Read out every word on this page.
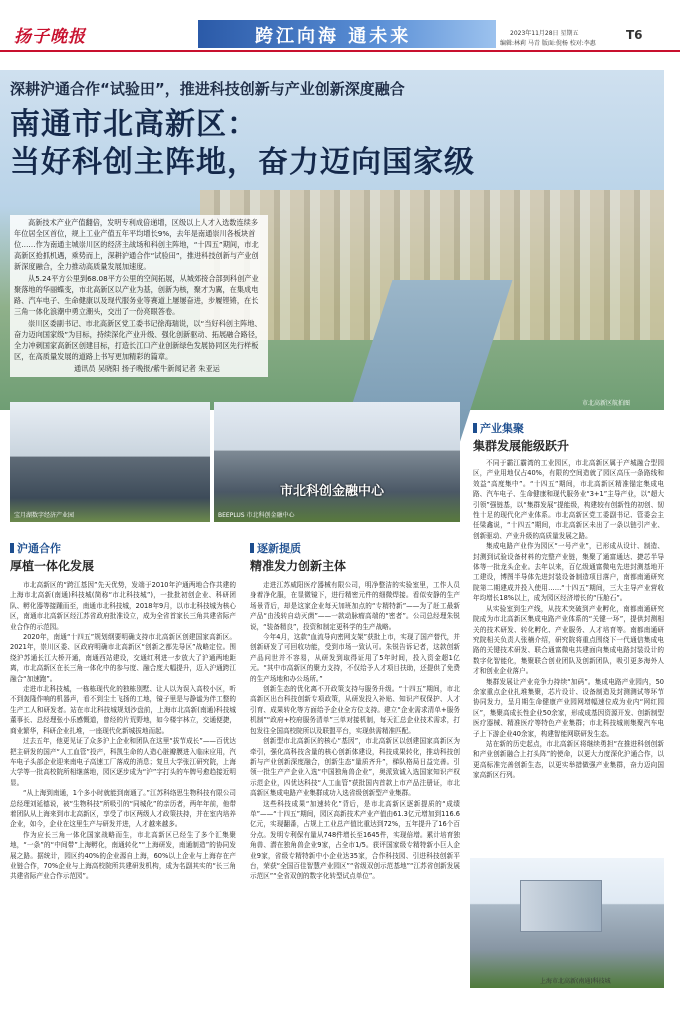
扬子晚报	跨江向海 通未来	2023年11月28日 星期五
编辑:林莉 马青 版面:倪杨 校对:李惠
T6
深耕沪通合作“试验田”，推进科技创新与产业创新深度融合
南通市北高新区：
当好科创主阵地，奋力迈向国家级
市北高新区航拍图

高新技术产业产值翻倍，发明专利成倍递增，区级以上人才入选数连续多年位居全区首位，规上工业产值五年平均增长9%，去年是南通崇川各板块首位……作为南通主城崇川区的经济主战场和科创主阵地，“十四五”期间，市北高新区抢抓机遇，乘势而上，深耕沪通合作“试验田”，推进科技创新与产业创新深度融合，全力推动高质量发展加速度。

从5.24平方公里到68.08平方公里的空间拓展，从城郊接合部到科创产业聚落地的华丽蝶变，市北高新区以产业为基，创新为核，聚才为翼，在集成电路、汽车电子、生命健康以及现代服务业等赛道上屡屡奋进，步履铿锵，在长三角一体化浪潮中勇立潮头，交出了一份亮眼答卷。

崇川区委副书记、市北高新区党工委书记徐海瑞说，以“当好科创主阵地、奋力迈向国家级”为目标，持续深化产业升级、强化创新驱动、拓展融合路径，全力冲刺国家高新区创建目标，打造长江口产业创新绿色发展协同区先行样板区，在高质量发展的道路上书写更加精彩的篇章。

通讯员 吴晓阳 扬子晚报/紫牛新闻记者 朱亚运

宝月湖数字经济产业园
市北科创金融中心
BEEPLUS 市北科创金融中心
产业集聚
集群发展能级跃升

不同于霸江霸湾的工业园区，市北高新区属于产城融合型园区，产业用地仅占40%，有限的空间造就了园区高压一条路线和效益“高度集中”。“十四五”期间，市北高新区精准锚定集成电路、汽车电子、生命健康和现代服务业“3+1”主导产业，以“超大引领”强链基，以“集群发展”提能级，构建较有创新性的初创、韧性十足的现代化产业体系。市北高新区党工委副书记、管委会主任梁鑫说，“十四五”期间，市北高新区未出了一条以链引产业、创新驱动、产业升级的高质量发展之路。

集成电路产业作为园区“一号产业”，已形成从设计、制造、封测到试验设备材料的完整产业链，集聚了通富通达、捷芯半导体等一批龙头企业。去年以来，百亿级通富微电先进封测基地开工建设，博图半导体先进封装设备制造项目落户，南都南通研究院第二期建成并投入使用……“十四五”期间，三大主导产业营收年均增长18%以上，成为园区经济增长的“压舱石”。

从实验室到生产线，从技术突破到产业孵化，南都南通研究院成为市北高新区集成电路产业体系的“关键一环”，提供封测相关的技术研发、转化孵化、产业服务、人才培育等。南都南通研究院相关负责人张楠介绍，研究院将重点围绕下一代通信集成电路的关键技术研发、联合通富微电共建面向集成电路封装设计的数字化智能化，集聚联合创业团队及创新团队，吸引更多海外人才和创业企业落户。

集群发展让产业竞争力持续“加码”。集成电路产业园内，50余家重点企业扎堆集聚，芯片设计、设备制造及封测测试等环节协同发力，呈月期生命健康产业园网增幅速位成为业内“网红园区”，集聚高成长性企业50余家，形成成基因资源开发、创新制型医疗器械、精准医疗等特色产业集群；市北科技城则集聚汽车电子上下游企业40余家，构建智能网联研发生态。

站在新的历史起点，市北高新区将继续勇担“在推进科创创新和产业创新融合上打头阵”的使命，以更大力度深化沪通合作，以更高标准完善创新生态，以更实举措做强产业集群，奋力迈向国家高新区行列。

沪通合作
厚植一体化发展

市北高新区的“跨江基因”先天优势，发端于2010年沪通两地合作共建的上海市北高新(南通)科技城(简称“市北科技城”)，一批批初创企业、科研团队、孵化器等接踵而至，南通市北科技城，2018年9月，以市北科技城为核心区，南通市北高新区经江苏省政府批准设立，成为全省首家长三角共建省际产业合作的示范园。

2020年，南通“十四五”规划纲要明确支持市北高新区创建国家高新区。2021年，崇川区委、区政府明确市北高新区“创新之都先导区”战略定位。围绕沪苏通长江大桥开通，南通西站建设，交通红利进一步放大了沪通两地距离，市北高新区在长三角一体化中的参与度、融合度大幅提升，迈入沪通跨江融合“加速跑”。

走进市北科技城，一栋栋现代化的独栋别墅、让人以为误入高校小区，听不到轰隆作响的机器声，看不到尘土飞扬的工地，镜子里是与静谧为伴工整的生产工人和研发者。站在市北科技城规划沙盘前，上海市北高新(南通)科技城董事长、总经理张小乐感慨道，曾经的片荒野地，如今楼宇林立，交通便捷，商业繁华，科研企业扎堆，一座现代化新城拔地而起。

过去五年，他更见证了众多沪上企业和团队在这里“拔节成长”——百优达把主研发的国产“人工血管”投产，科凯生命的人造心脏瓣膜进入临床应用，汽车电子头部企业迎来南电子高速工厂落成的消息；复旦大学张江研究院，上海大学等一批高校院所相继落地，园区逐步成为“沪”字打头的车牌号愈趋接近明显。

“从上海到南通，1个多小时就能到南通了。”江苏科络思生物科技有限公司总经理刘延德说，被“生物科技”所吸引的“同城化”的亲历者，两年年前，他带着团队从上海来到市北高新区，享受了市区两级人才政策扶持，并在室内培养企业，如今，企业在这里生产与研发并进，人才越来越多。

作为应长三角一体化国家战略而生，市北高新区已经生了多个汇集聚地，“一条”的“中间带”上海孵化，南通转化”“上海研发，南通制造”的协同发展之路。据统计，园区约40%的企业源自上海，60%以上企业与上海存在产业链合作，70%企业与上海高校院所共建研发机构，成为名副其实的“长三角共建省际产业合作示范园”。

逐新提质
精准发力创新主体

走进江苏威阳医疗器械有限公司，明净整洁的实验室里，工作人员身着净化服，在显微镜下，进行精密元件的细微焊接。看似安静的生产场景背后，却是这家企业每天加班加点的“专精特新”——为了赶工最新产品“由浅转自动灭菌”——一款动脉瘤高端的“密者”。公司总经理朱锐说，“装备精良”，投资和制定更科学的生产战略。

今年4月，这款“血流导向密网支架”获批上市，实现了国产替代，并创新研发了可回收功能，受到市场一致认可。朱锐告诉记者，这款创新产品问世并不容易，从研发到取得证用了5年时间，投入资金超1亿元。“其中市高新区的聚力支持，不仅给予人才项目扶助，还提供了免费的生产场地和办公场所。”

创新生态的优化离不开政策支持与服务升级。“十四五”期间，市北高新区出台科技创新专项政策，从研发投入补贴、知识产权保护、人才引育、成果转化等方面给予企业全方位支持。建立“企业需求清单+服务机制”“政府+校府服务清单”三单对接机制，每天汇总企业技术需求，打包发往全国高校院所以及联盟平台，实现供需精准匹配。

创新型市北高新区的核心“基因”，市北高新区以创建国家高新区为牵引，强化高科技含量的核心创新体建设，科技成果转化，推动科技创新与产业创新深度融合，创新生态“量质齐升”，梯队格局日益完善。引领一批生产产企业入选“中国独角兽企业”，奥派致诚入选国家知识产权示范企业，四优达科技“人工血管”获批国内首款上市产品注册证，市北高新区集成电路产业集群成功入选省级创新型产业集群。

这些科技成果“加速转化”背后，是市北高新区逐新提质的“成绩单”——“十四五”期间，园区高新技术产业产值由61.3亿元增加到116.6亿元，实现翻番，占规上工业总产值比重达到72%，五年提升了16个百分点。发明专利保有量从748件增长至1645件，实现倍增。累计培育独角兽、潜在独角兽企业9家，占全市1/5。获评国家级专精特新小巨人企业9家，省级专精特新中小企业达35家，合作科技园、引进科技创新平台，荣获“全国百佳智慧产业园区”“省级双创示范基地”“江苏省创新发展示范区”“全省双创的数字化转型试点单位”。

上海市北高新(南通)科技城
